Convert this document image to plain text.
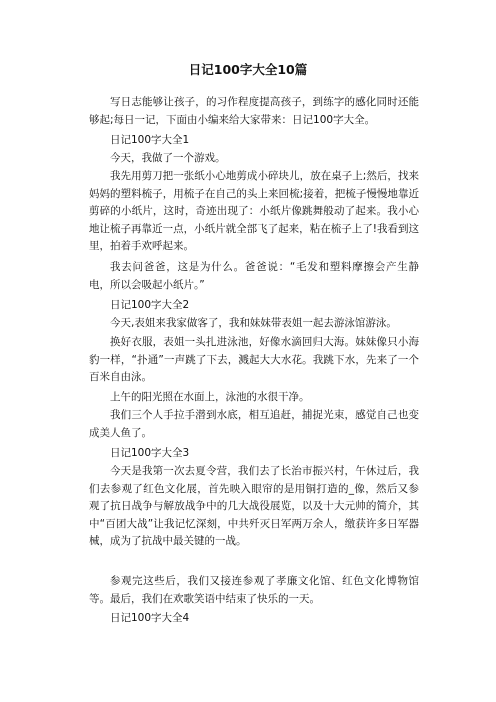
日记100字大全10篇

写日志能够让孩子，的习作程度提高孩子，到练字的感化同时还能够起;每日一记，下面由小编来给大家带来：日记100字大全。

日记100字大全1

今天，我做了一个游戏。

我先用剪刀把一张纸小心地剪成小碎块儿，放在桌子上;然后，找来妈妈的塑料梳子，用梳子在自己的头上来回梳;接着，把梳子慢慢地靠近剪碎的小纸片，这时，奇迹出现了：小纸片像跳舞般动了起来。我小心地让梳子再靠近一点，小纸片就全部飞了起来，粘在梳子上了!我看到这里，拍着手欢呼起来。

我去问爸爸，这是为什么。爸爸说：“毛发和塑料摩擦会产生静电，所以会吸起小纸片。”

日记100字大全2

今天,表姐来我家做客了，我和妹妹带表姐一起去游泳馆游泳。

换好衣服，表姐一头扎进泳池，好像水滴回归大海。妹妹像只小海豹一样，“扑通”一声跳了下去，溅起大大水花。我跳下水，先来了一个百米自由泳。

上午的阳光照在水面上，泳池的水很干净。

我们三个人手拉手潜到水底，相互追赶，捕捉光束，感觉自己也变成美人鱼了。

日记100字大全3

今天是我第一次去夏令营，我们去了长治市振兴村，午休过后，我们去参观了红色文化展，首先映入眼帘的是用铜打造的_像，然后又参观了抗日战争与解放战争中的几大战役展览，以及十大元帅的简介，其中“百团大战”让我记忆深刻，中共歼灭日军两万余人，缴获许多日军器械，成为了抗战中最关键的一战。

参观完这些后，我们又接连参观了孝廉文化馆、红色文化博物馆等。最后，我们在欢歌笑语中结束了快乐的一天。

日记100字大全4
